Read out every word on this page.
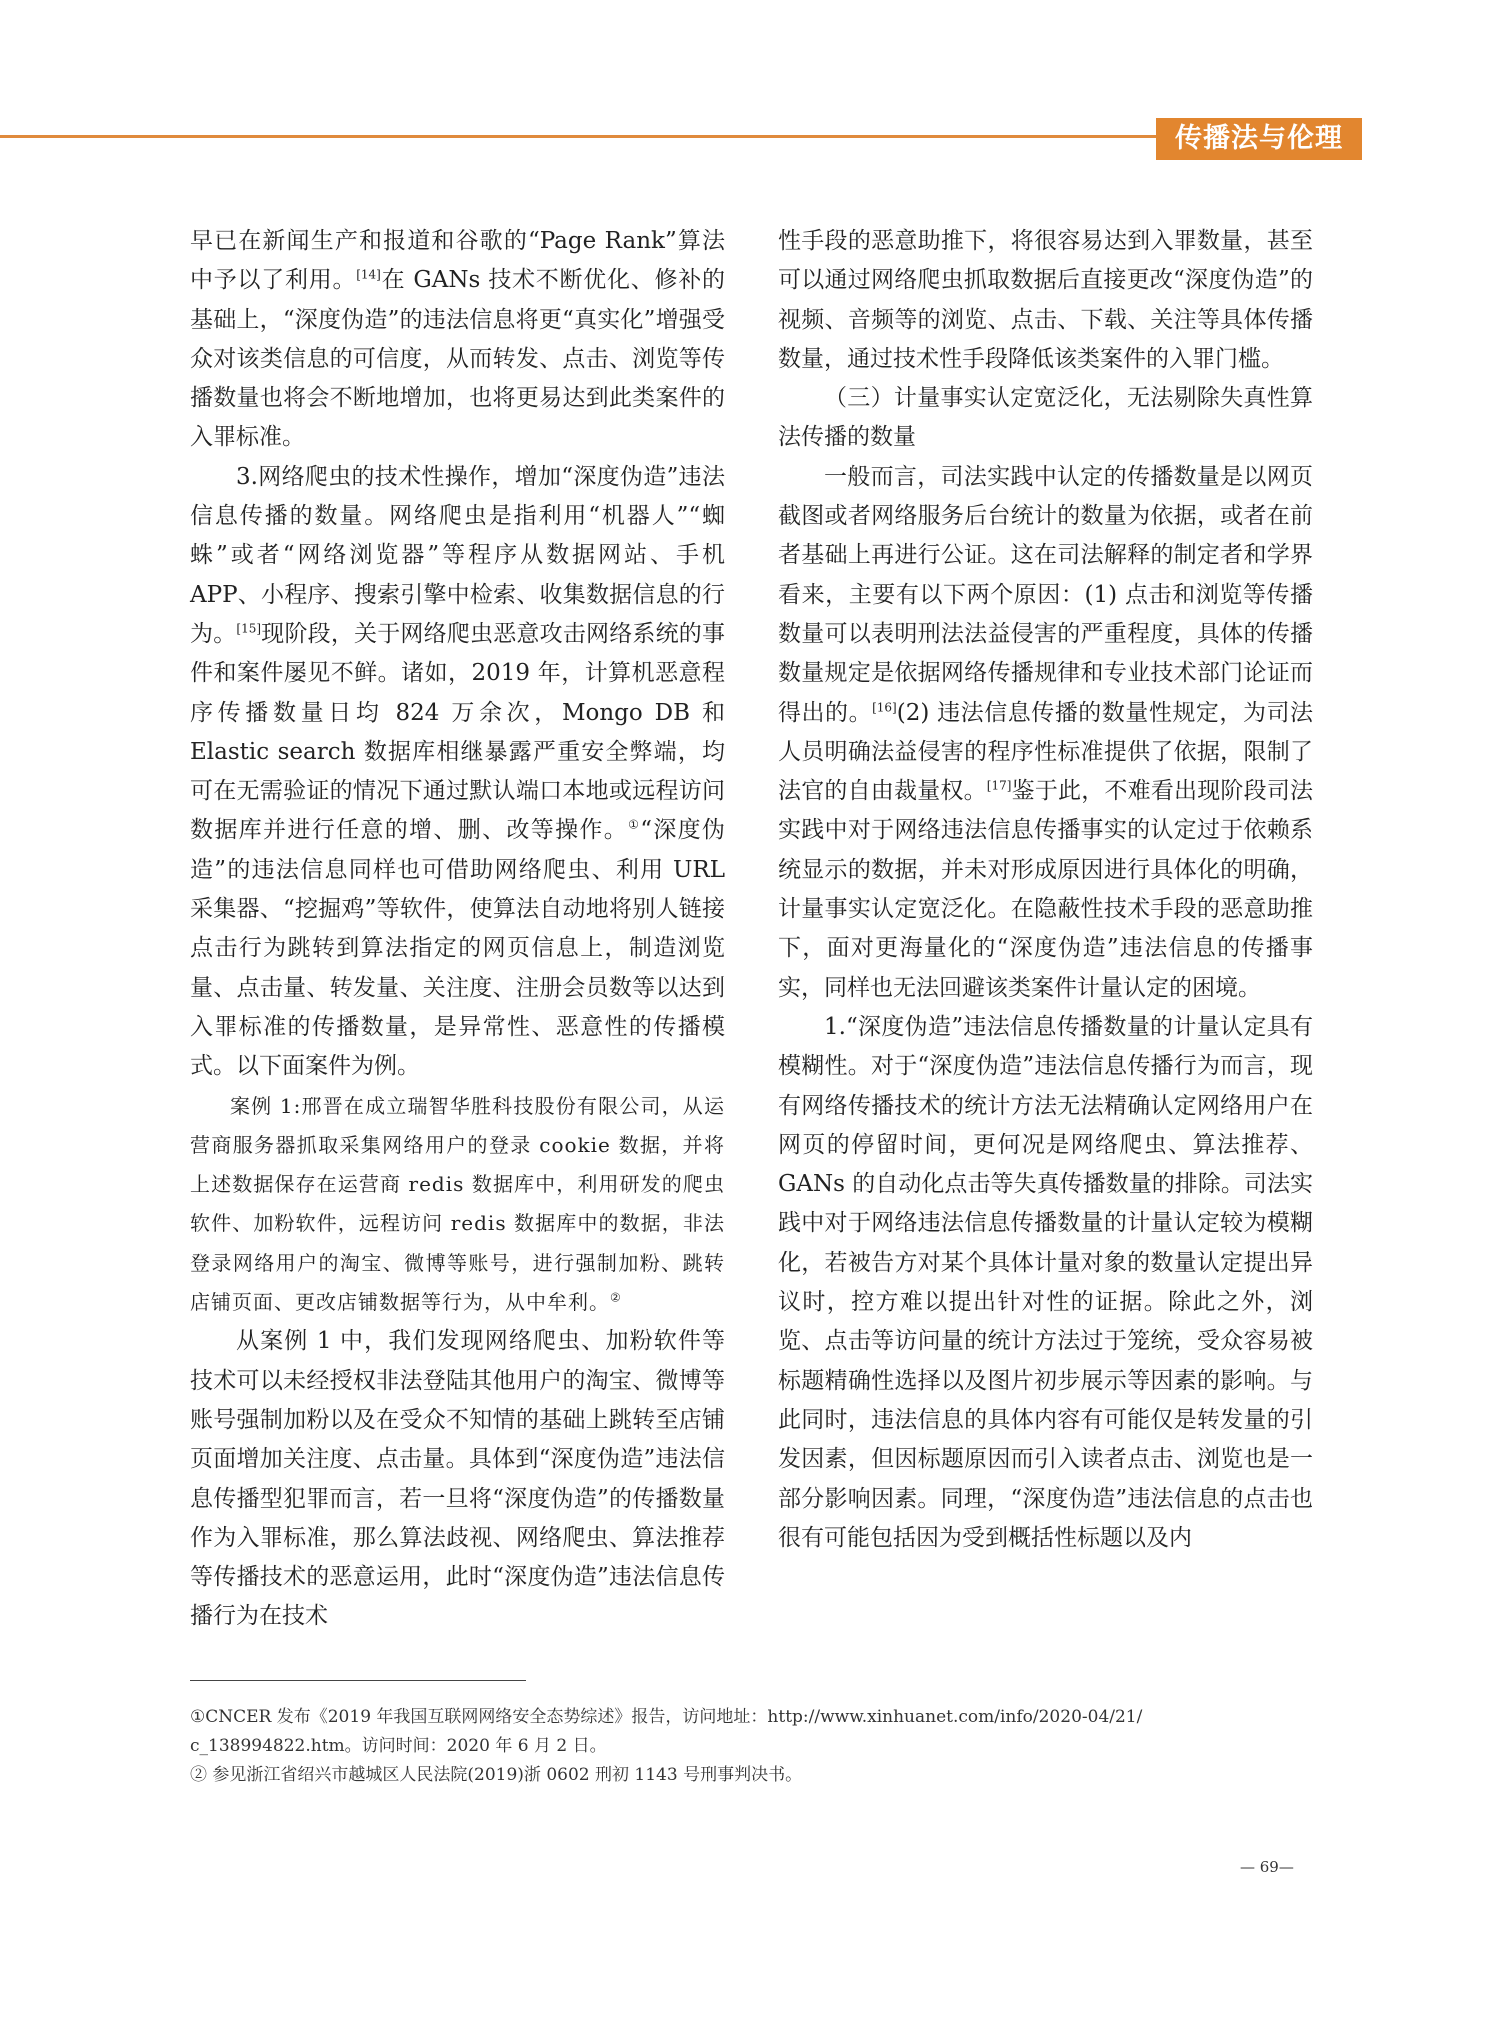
传播法与伦理

早已在新闻生产和报道和谷歌的“Page Rank”算法中予以了利用。[14]在 GANs 技术不断优化、修补的基础上，“深度伪造”的违法信息将更“真实化”增强受众对该类信息的可信度，从而转发、点击、浏览等传播数量也将会不断地增加，也将更易达到此类案件的入罪标准。

3.网络爬虫的技术性操作，增加“深度伪造”违法信息传播的数量。网络爬虫是指利用“机器人”“蜘蛛”或者“网络浏览器”等程序从数据网站、手机 APP、小程序、搜索引擎中检索、收集数据信息的行为。[15]现阶段，关于网络爬虫恶意攻击网络系统的事件和案件屡见不鲜。诸如，2019 年，计算机恶意程序传播数量日均 824 万余次，Mongo DB 和 Elastic search 数据库相继暴露严重安全弊端，均可在无需验证的情况下通过默认端口本地或远程访问数据库并进行任意的增、删、改等操作。①“深度伪造”的违法信息同样也可借助网络爬虫、利用 URL 采集器、“挖掘鸡”等软件，使算法自动地将别人链接点击行为跳转到算法指定的网页信息上，制造浏览量、点击量、转发量、关注度、注册会员数等以达到入罪标准的传播数量，是异常性、恶意性的传播模式。以下面案件为例。

案例 1:邢晋在成立瑞智华胜科技股份有限公司，从运营商服务器抓取采集网络用户的登录 cookie 数据，并将上述数据保存在运营商 redis 数据库中，利用研发的爬虫软件、加粉软件，远程访问 redis 数据库中的数据，非法登录网络用户的淘宝、微博等账号，进行强制加粉、跳转店铺页面、更改店铺数据等行为，从中牟利。②

从案例 1 中，我们发现网络爬虫、加粉软件等技术可以未经授权非法登陆其他用户的淘宝、微博等账号强制加粉以及在受众不知情的基础上跳转至店铺页面增加关注度、点击量。具体到“深度伪造”违法信息传播型犯罪而言，若一旦将“深度伪造”的传播数量作为入罪标准，那么算法歧视、网络爬虫、算法推荐等传播技术的恶意运用，此时“深度伪造”违法信息传播行为在技术

性手段的恶意助推下，将很容易达到入罪数量，甚至可以通过网络爬虫抓取数据后直接更改“深度伪造”的视频、音频等的浏览、点击、下载、关注等具体传播数量，通过技术性手段降低该类案件的入罪门槛。

（三）计量事实认定宽泛化，无法剔除失真性算法传播的数量

一般而言，司法实践中认定的传播数量是以网页截图或者网络服务后台统计的数量为依据，或者在前者基础上再进行公证。这在司法解释的制定者和学界看来，主要有以下两个原因：(1) 点击和浏览等传播数量可以表明刑法法益侵害的严重程度，具体的传播数量规定是依据网络传播规律和专业技术部门论证而得出的。[16](2) 违法信息传播的数量性规定，为司法人员明确法益侵害的程序性标准提供了依据，限制了法官的自由裁量权。[17]鉴于此，不难看出现阶段司法实践中对于网络违法信息传播事实的认定过于依赖系统显示的数据，并未对形成原因进行具体化的明确，计量事实认定宽泛化。在隐蔽性技术手段的恶意助推下，面对更海量化的“深度伪造”违法信息的传播事实，同样也无法回避该类案件计量认定的困境。

1.“深度伪造”违法信息传播数量的计量认定具有模糊性。对于“深度伪造”违法信息传播行为而言，现有网络传播技术的统计方法无法精确认定网络用户在网页的停留时间，更何况是网络爬虫、算法推荐、GANs 的自动化点击等失真传播数量的排除。司法实践中对于网络违法信息传播数量的计量认定较为模糊化，若被告方对某个具体计量对象的数量认定提出异议时，控方难以提出针对性的证据。除此之外，浏览、点击等访问量的统计方法过于笼统，受众容易被标题精确性选择以及图片初步展示等因素的影响。与此同时，违法信息的具体内容有可能仅是转发量的引发因素，但因标题原因而引入读者点击、浏览也是一部分影响因素。同理，“深度伪造”违法信息的点击也很有可能包括因为受到概括性标题以及内

①CNCER 发布《2019 年我国互联网网络安全态势综述》报告，访问地址：http://www.xinhuanet.com/info/2020-04/21/
c_138994822.htm。访问时间：2020 年 6 月 2 日。
② 参见浙江省绍兴市越城区人民法院(2019)浙 0602 刑初 1143 号刑事判决书。
— 69—
